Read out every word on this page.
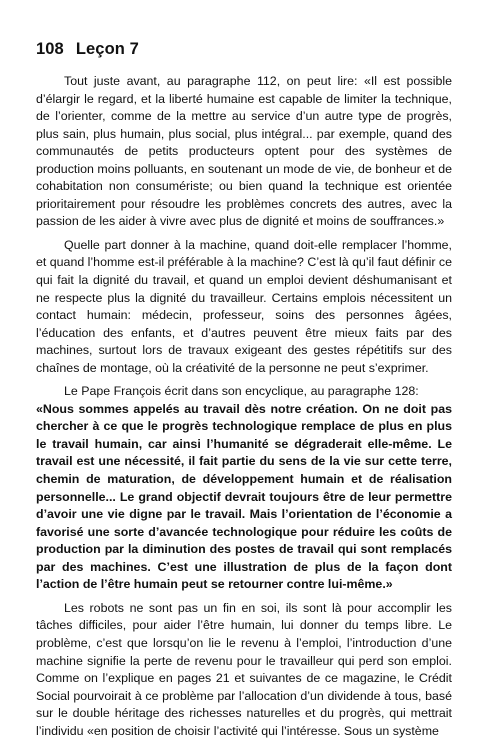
108 Leçon 7

Tout juste avant, au paragraphe 112, on peut lire: «Il est possible d’élargir le regard, et la liberté humaine est capable de limiter la technique, de l’orienter, comme de la mettre au service d’un autre type de progrès, plus sain, plus humain, plus social, plus intégral... par exemple, quand des communautés de petits producteurs optent pour des systèmes de production moins polluants, en soutenant un mode de vie, de bonheur et de cohabitation non consumériste; ou bien quand la technique est orientée prioritairement pour résoudre les problèmes concrets des autres, avec la passion de les aider à vivre avec plus de dignité et moins de souffrances.»

Quelle part donner à la machine, quand doit-elle remplacer l’homme, et quand l’homme est-il préférable à la machine? C’est là qu’il faut définir ce qui fait la dignité du travail, et quand un emploi devient déshumanisant et ne respecte plus la dignité du travailleur. Certains emplois nécessitent un contact humain: médecin, professeur, soins des personnes âgées, l’éducation des enfants, et d’autres peuvent être mieux faits par des machines, surtout lors de travaux exigeant des gestes répétitifs sur des chaînes de montage, où la créativité de la personne ne peut s’exprimer.

Le Pape François écrit dans son encyclique, au paragraphe 128:

«Nous sommes appelés au travail dès notre création. On ne doit pas chercher à ce que le progrès technologique remplace de plus en plus le travail humain, car ainsi l’humanité se dégraderait elle-même. Le travail est une nécessité, il fait partie du sens de la vie sur cette terre, chemin de maturation, de développement humain et de réalisation personnelle... Le grand objectif devrait toujours être de leur permettre d’avoir une vie digne par le travail. Mais l’orientation de l’économie a favorisé une sorte d’avancée technologique pour réduire les coûts de production par la diminution des postes de travail qui sont remplacés par des machines. C’est une illustration de plus de la façon dont l’action de l’être humain peut se retourner contre lui-même.»

Les robots ne sont pas un fin en soi, ils sont là pour accomplir les tâches difficiles, pour aider l’être humain, lui donner du temps libre. Le problème, c’est que lorsqu’on lie le revenu à l’emploi, l’introduction d’une machine signifie la perte de revenu pour le travailleur qui perd son emploi. Comme on l’explique en pages 21 et suivantes de ce magazine, le Crédit Social pourvoirait à ce problème par l’allocation d’un dividende à tous, basé sur le double héritage des richesses naturelles et du progrès, qui mettrait l’individu «en position de choisir l’activité qui l’intéresse. Sous un système
